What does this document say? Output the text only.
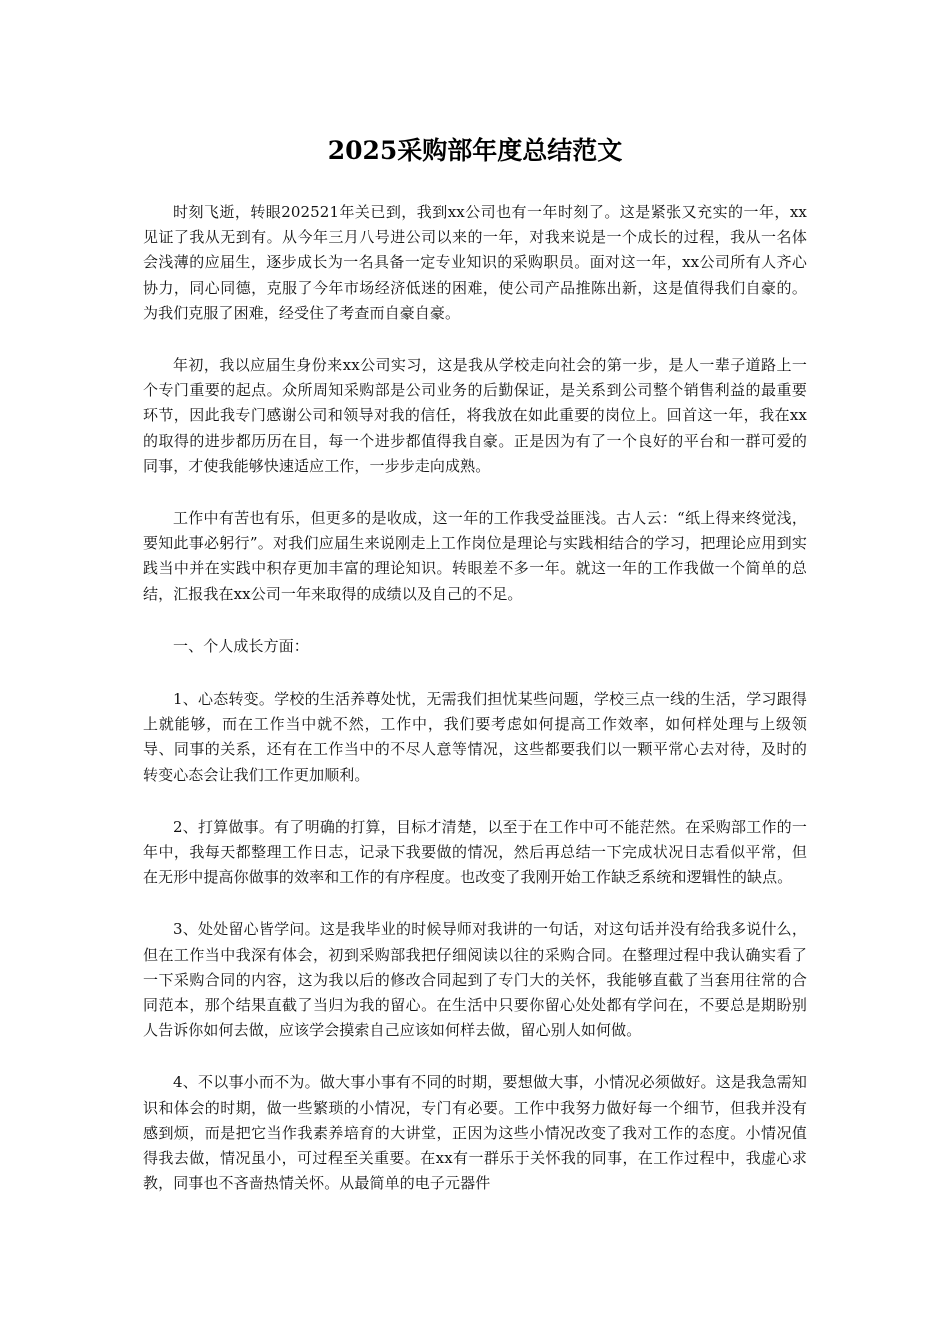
2025采购部年度总结范文

时刻飞逝，转眼202521年关已到，我到xx公司也有一年时刻了。这是紧张又充实的一年，xx见证了我从无到有。从今年三月八号进公司以来的一年，对我来说是一个成长的过程，我从一名体会浅薄的应届生，逐步成长为一名具备一定专业知识的采购职员。面对这一年，xx公司所有人齐心协力，同心同德，克服了今年市场经济低迷的困难，使公司产品推陈出新，这是值得我们自豪的。为我们克服了困难，经受住了考查而自豪自豪。

年初，我以应届生身份来xx公司实习，这是我从学校走向社会的第一步，是人一辈子道路上一个专门重要的起点。众所周知采购部是公司业务的后勤保证，是关系到公司整个销售利益的最重要环节，因此我专门感谢公司和领导对我的信任，将我放在如此重要的岗位上。回首这一年，我在xx的取得的进步都历历在目，每一个进步都值得我自豪。正是因为有了一个良好的平台和一群可爱的同事，才使我能够快速适应工作，一步步走向成熟。

工作中有苦也有乐，但更多的是收成，这一年的工作我受益匪浅。古人云：“纸上得来终觉浅，要知此事必躬行”。对我们应届生来说刚走上工作岗位是理论与实践相结合的学习，把理论应用到实践当中并在实践中积存更加丰富的理论知识。转眼差不多一年。就这一年的工作我做一个简单的总结，汇报我在xx公司一年来取得的成绩以及自己的不足。

一、个人成长方面：

1、心态转变。学校的生活养尊处忧，无需我们担忧某些问题，学校三点一线的生活，学习跟得上就能够，而在工作当中就不然，工作中，我们要考虑如何提高工作效率，如何样处理与上级领导、同事的关系，还有在工作当中的不尽人意等情况，这些都要我们以一颗平常心去对待，及时的转变心态会让我们工作更加顺利。

2、打算做事。有了明确的打算，目标才清楚，以至于在工作中可不能茫然。在采购部工作的一年中，我每天都整理工作日志，记录下我要做的情况，然后再总结一下完成状况日志看似平常，但在无形中提高你做事的效率和工作的有序程度。也改变了我刚开始工作缺乏系统和逻辑性的缺点。

3、处处留心皆学问。这是我毕业的时候导师对我讲的一句话，对这句话并没有给我多说什么，但在工作当中我深有体会，初到采购部我把仔细阅读以往的采购合同。在整理过程中我认确实看了一下采购合同的内容，这为我以后的修改合同起到了专门大的关怀，我能够直截了当套用往常的合同范本，那个结果直截了当归为我的留心。在生活中只要你留心处处都有学问在，不要总是期盼别人告诉你如何去做，应该学会摸索自己应该如何样去做，留心别人如何做。

4、不以事小而不为。做大事小事有不同的时期，要想做大事，小情况必须做好。这是我急需知识和体会的时期，做一些繁琐的小情况，专门有必要。工作中我努力做好每一个细节，但我并没有感到烦，而是把它当作我素养培育的大讲堂，正因为这些小情况改变了我对工作的态度。小情况值得我去做，情况虽小，可过程至关重要。在xx有一群乐于关怀我的同事，在工作过程中，我虚心求教，同事也不吝啬热情关怀。从最简单的电子元器件
